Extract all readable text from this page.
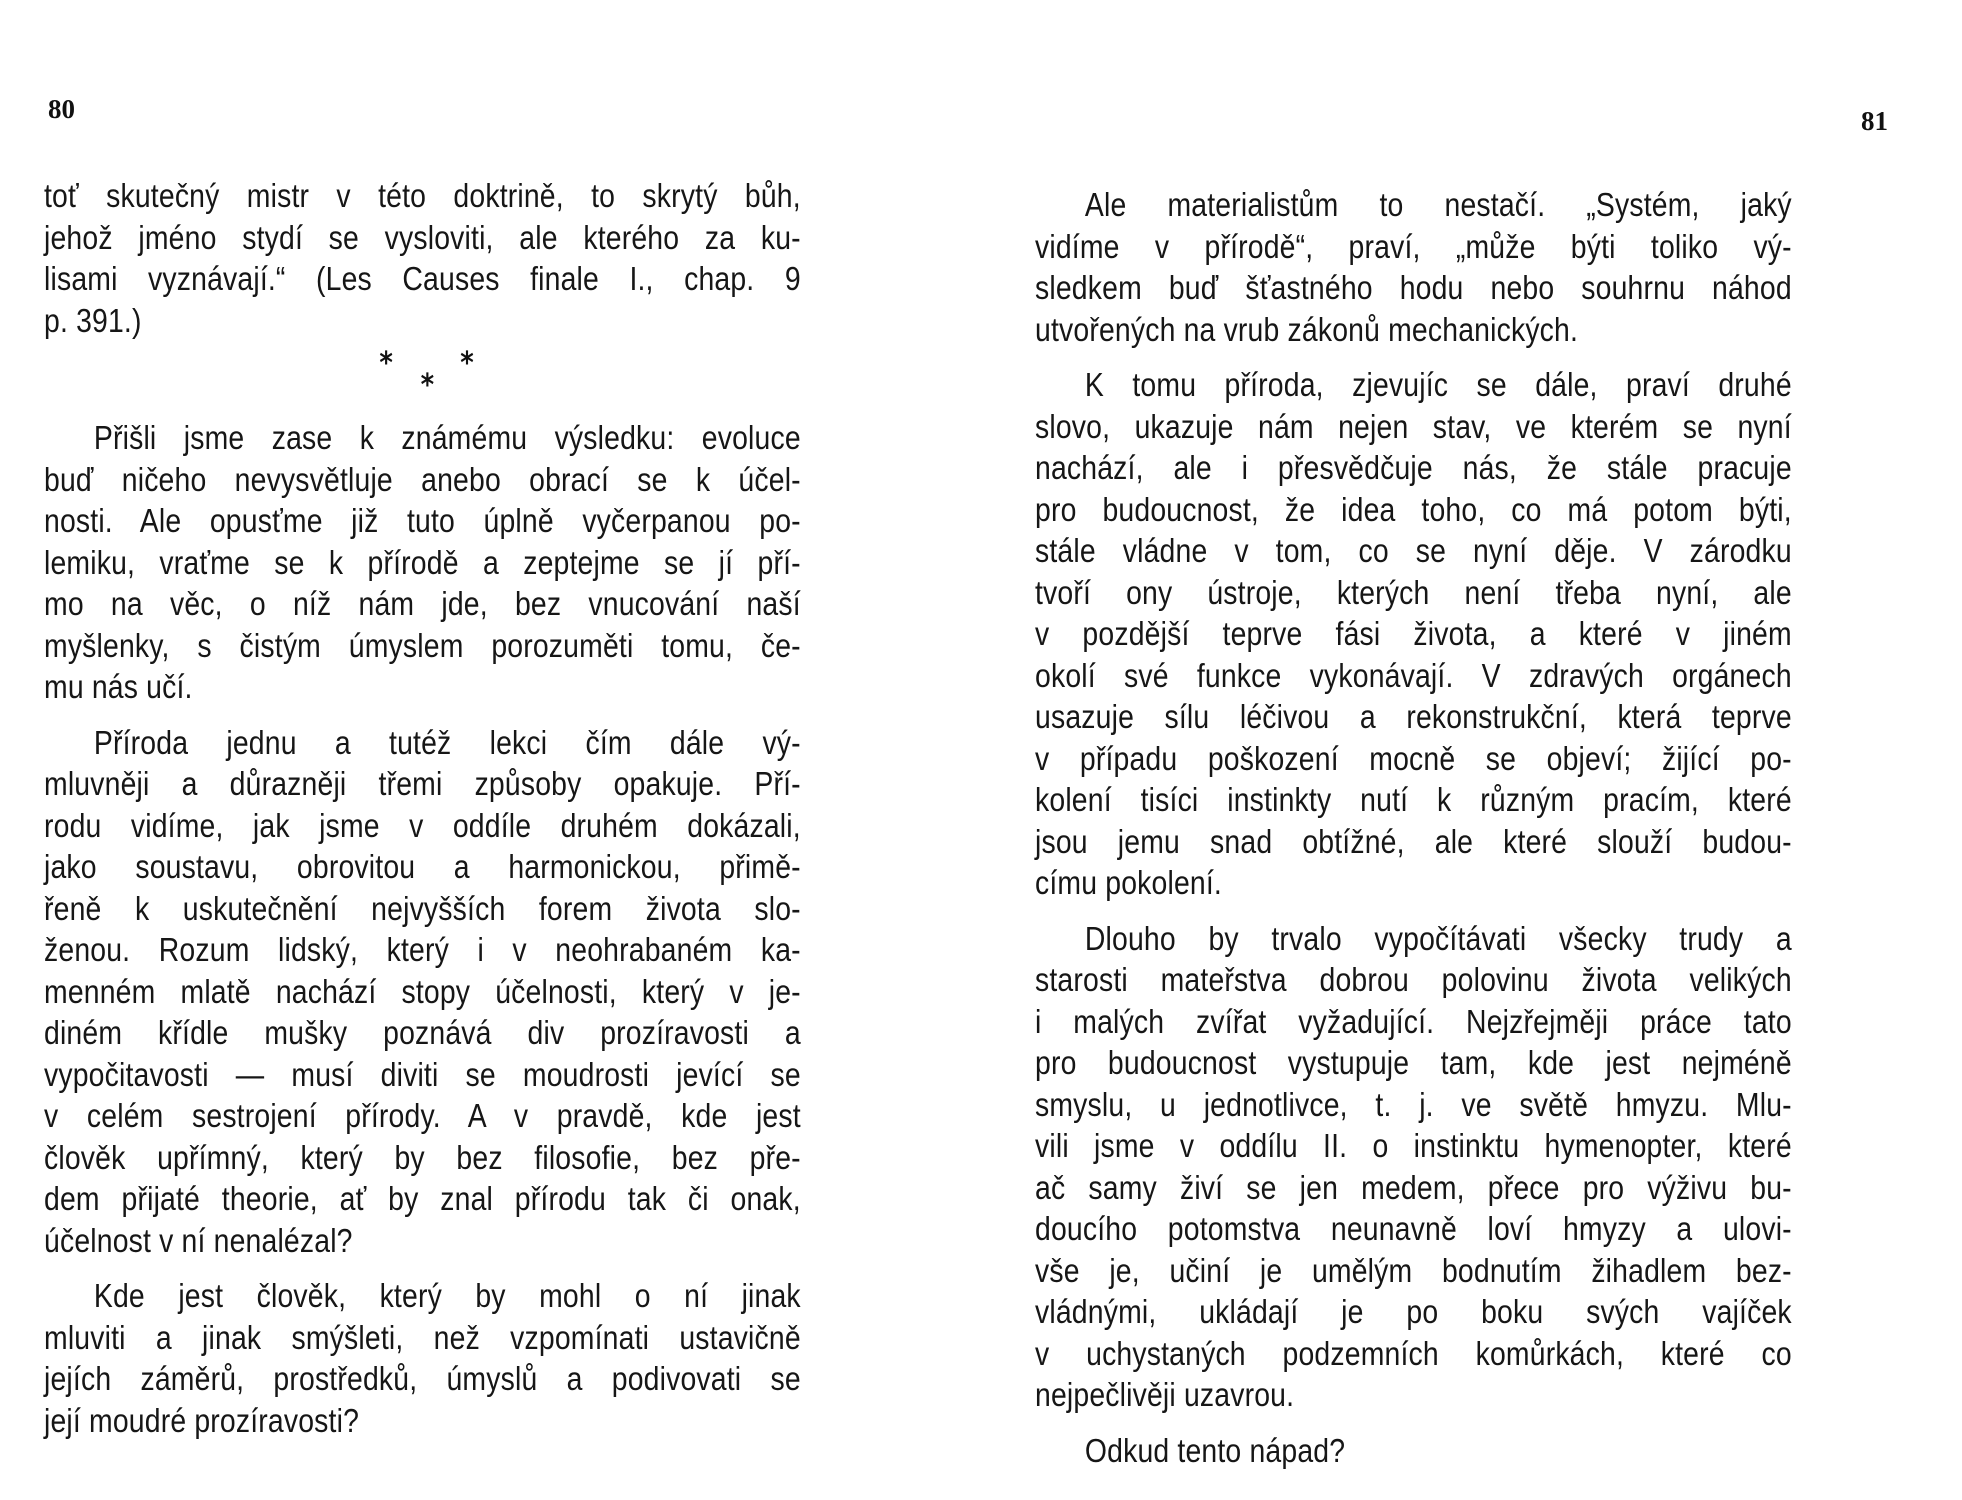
80
toť skutečný mistr v této doktrině, to skrytý bůh,
jehož jméno stydí se vysloviti, ale kterého za ku-
lisami vyznávají.“ (Les Causes finale I., chap. 9
p. 391.)
*
*
*
Přišli jsme zase k známému výsledku: evoluce
buď ničeho nevysvětluje anebo obrací se k účel-
nosti. Ale opusťme již tuto úplně vyčerpanou po-
lemiku, vraťme se k přírodě a zeptejme se jí pří-
mo na věc, o níž nám jde, bez vnucování naší
myšlenky, s čistým úmyslem porozuměti tomu, če-
mu nás učí.
Příroda jednu a tutéž lekci čím dále vý-
mluvněji a důrazněji třemi způsoby opakuje. Pří-
rodu vidíme, jak jsme v oddíle druhém dokázali,
jako soustavu, obrovitou a harmonickou, přimě-
řeně k uskutečnění nejvyšších forem života slo-
ženou. Rozum lidský, který i v neohrabaném ka-
menném mlatě nachází stopy účelnosti, který v je-
diném křídle mušky poznává div prozíravosti a
vypočitavosti — musí diviti se moudrosti jevící se
v celém sestrojení přírody. A v pravdě, kde jest
člověk upřímný, který by bez filosofie, bez pře-
dem přijaté theorie, ať by znal přírodu tak či onak,
účelnost v ní nenalézal?
Kde jest člověk, který by mohl o ní jinak
mluviti a jinak smýšleti, než vzpomínati ustavičně
jejích záměrů, prostředků, úmyslů a podivovati se
její moudré prozíravosti?
81
Ale materialistům to nestačí. „Systém, jaký
vidíme v přírodě“, praví, „může býti toliko vý-
sledkem buď šťastného hodu nebo souhrnu náhod
utvořených na vrub zákonů mechanických.
K tomu příroda, zjevujíc se dále, praví druhé
slovo, ukazuje nám nejen stav, ve kterém se nyní
nachází, ale i přesvědčuje nás, že stále pracuje
pro budoucnost, že idea toho, co má potom býti,
stále vládne v tom, co se nyní děje. V zárodku
tvoří ony ústroje, kterých není třeba nyní, ale
v pozdější teprve fási života, a které v jiném
okolí své funkce vykonávají. V zdravých orgánech
usazuje sílu léčivou a rekonstrukční, která teprve
v případu poškození mocně se objeví; žijící po-
kolení tisíci instinkty nutí k různým pracím, které
jsou jemu snad obtížné, ale které slouží budou-
címu pokolení.
Dlouho by trvalo vypočítávati všecky trudy a
starosti mateřstva dobrou polovinu života velikých
i malých zvířat vyžadující. Nejzřejměji práce tato
pro budoucnost vystupuje tam, kde jest nejméně
smyslu, u jednotlivce, t. j. ve světě hmyzu. Mlu-
vili jsme v oddílu II. o instinktu hymenopter, které
ač samy živí se jen medem, přece pro výživu bu-
doucího potomstva neunavně loví hmyzy a ulovi-
vše je, učiní je umělým bodnutím žihadlem bez-
vládnými, ukládají je po boku svých vajíček
v uchystaných podzemních komůrkách, které co
nejpečlivěji uzavrou.
Odkud tento nápad?
